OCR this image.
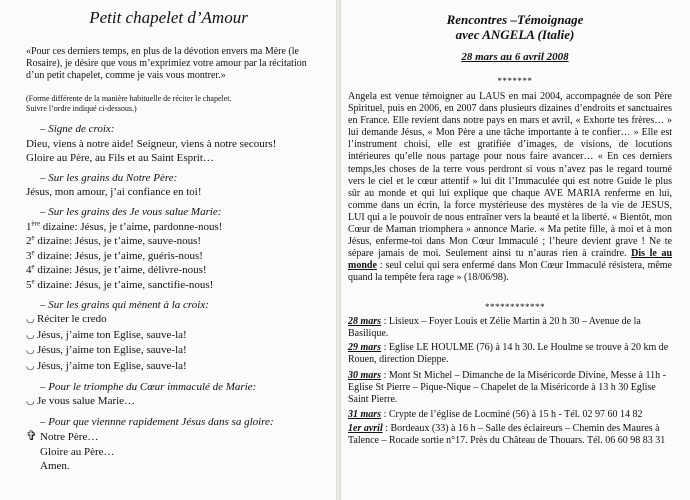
Petit chapelet d’Amour
«Pour ces derniers temps, en plus de la dévotion envers ma Mère (le Rosaire), je désire que vous m’exprimiez votre amour par la récitation d’un petit chapelet, comme je vais vous montrer.»
(Forme différente de la manière habituelle de réciter le chapelet.
Suivre l’ordre indiqué ci-dessous.)
– Signe de croix:
Dieu, viens à notre aide! Seigneur, viens à notre secours!
Gloire au Père, au Fils et au Saint Esprit…
– Sur les grains du Notre Père:
Jésus, mon amour, j’ai confiance en toi!
– Sur les grains des Je vous salue Marie:
1ère dizaine: Jésus, je t’aime, pardonne-nous!
2e dizaine: Jésus, je t’aime, sauve-nous!
3e dizaine: Jésus, je t’aime, guéris-nous!
4e dizaine: Jésus, je t’aime, délivre-nous!
5e dizaine: Jésus, je t’aime, sanctifie-nous!
– Sur les grains qui mènent à la croix:
◡ Réciter le credo
◡ Jésus, j’aime ton Eglise, sauve-la!
◡ Jésus, j’aime ton Eglise, sauve-la!
◡ Jésus, j’aime ton Eglise, sauve-la!
– Pour le triomphe du Cœur immaculé de Marie:
◡ Je vous salue Marie…
– Pour que viennne rapidement Jésus dans sa gloire:
✞ Notre Père…
Gloire au Père…
Amen.
Rencontres –Témoignage
avec ANGELA (Italie)
28 mars au 6 avril 2008
*******
Angela est venue témoigner au LAUS en mai 2004, accompagnée de son Père Spirituel, puis en 2006, en 2007 dans plusieurs dizaines d’endroits et sanctuaires en France. Elle revient dans notre pays en mars et avril, « Exhorte tes frères… » lui demande Jésus, « Mon Père a une tâche importante à te confier… » Elle est l’instrument choisi, elle est gratifiée d’images, de visions, de locutions intérieures qu’elle nous partage pour nous faire avancer… « En ces derniers temps,les choses de la terre vous perdront si vous n’avez pas le regard tourné vers le ciel et le cœur attentif » lui dit l’Immaculée qui est notre Guide le plus sûr au monde et qui lui explique que chaque AVE MARIA renferme en lui, comme dans un écrin, la force mystérieuse des mystères de la vie de JESUS, LUI qui a le pouvoir de nous entraîner vers la beauté et la liberté. « Bientôt, mon Cœur de Maman triomphera » annonce Marie. « Ma petite fille, à moi et à mon Jésus, enferme-toi dans Mon Cœur Immaculé ; l’heure devient grave ! Ne te sépare jamais de moi. Seulement ainsi tu n’auras rien à craindre. Dis le au monde : seul celui qui sera enfermé dans Mon Cœur Immaculé résistera, même quand la tempête fera rage » (18/06/98).
************
28 mars : Lisieux – Foyer Louis et Zélie Martin à 20 h 30 – Avenue de la Basilique.
29 mars : Eglise LE HOULME (76) à 14 h 30. Le Houlme se trouve à 20 km de Rouen, direction Dieppe.
30 mars : Mont St Michel – Dimanche de la Miséricorde Divine, Messe à 11h - Eglise St Pierre – Pique-Nique – Chapelet de la Miséricorde à 13 h 30 Eglise Saint Pierre.
31 mars : Crypte de l’église de Locminé (56) à 15 h - Tél. 02 97 60 14 82
1er avril : Bordeaux (33) à 16 h – Salle des éclaireurs – Chemin des Maures à Talence – Rocade sortie n°17. Près du Château de Thouars. Tél. 06 60 98 83 31
